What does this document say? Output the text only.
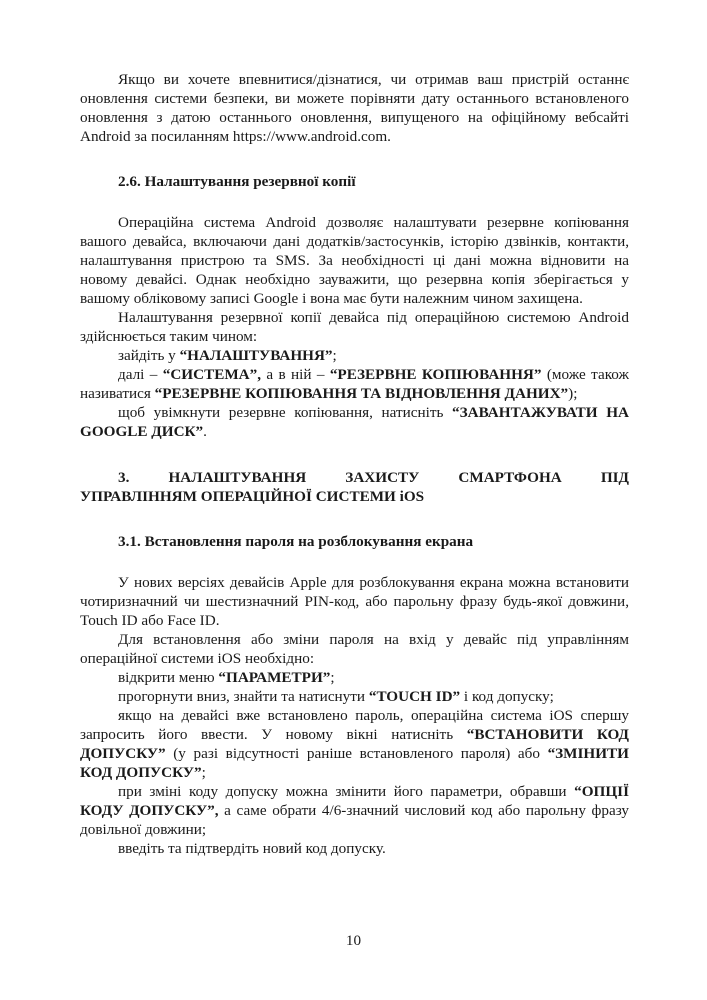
Якщо ви хочете впевнитися/дізнатися, чи отримав ваш пристрій останнє оновлення системи безпеки, ви можете порівняти дату останнього встановленого оновлення з датою останнього оновлення, випущеного на офіційному вебсайті Android за посиланням https://www.android.com.

2.6. Налаштування резервної копії

Операційна система Android дозволяє налаштувати резервне копіювання вашого девайса, включаючи дані додатків/застосунків, історію дзвінків, контакти, налаштування пристрою та SMS. За необхідності ці дані можна відновити на новому девайсі. Однак необхідно зауважити, що резервна копія зберігається у вашому обліковому записі Google і вона має бути належним чином захищена.

Налаштування резервної копії девайса під операційною системою Android здійснюється таким чином:

зайдіть у “НАЛАШТУВАННЯ”;

далі – “СИСТЕМА”, а в ній – “РЕЗЕРВНЕ КОПІЮВАННЯ” (може також називатися “РЕЗЕРВНЕ КОПІЮВАННЯ ТА ВІДНОВЛЕННЯ ДАНИХ”);

щоб увімкнути резервне копіювання, натисніть “ЗАВАНТАЖУВАТИ НА GOOGLE ДИСК”.

3. НАЛАШТУВАННЯ ЗАХИСТУ СМАРТФОНА ПІД

УПРАВЛІННЯМ ОПЕРАЦІЙНОЇ СИСТЕМИ iOS

3.1. Встановлення пароля на розблокування екрана

У нових версіях девайсів Apple для розблокування екрана можна встановити чотиризначний чи шестизначний PIN-код, або парольну фразу будь-якої довжини, Touch ID або Face ID.

Для встановлення або зміни пароля на вхід у девайс під управлінням операційної системи iOS необхідно:

відкрити меню “ПАРАМЕТРИ”;

прогорнути вниз, знайти та натиснути “TOUCH ID” і код допуску;

якщо на девайсі вже встановлено пароль, операційна система iOS спершу запросить його ввести. У новому вікні натисніть “ВСТАНОВИТИ КОД ДОПУСКУ” (у разі відсутності раніше встановленого пароля) або “ЗМІНИТИ КОД ДОПУСКУ”;

при зміні коду допуску можна змінити його параметри, обравши “ОПЦІЇ КОДУ ДОПУСКУ”, а саме обрати 4/6-значний числовий код або парольну фразу довільної довжини;

введіть та підтвердіть новий код допуску.

10
